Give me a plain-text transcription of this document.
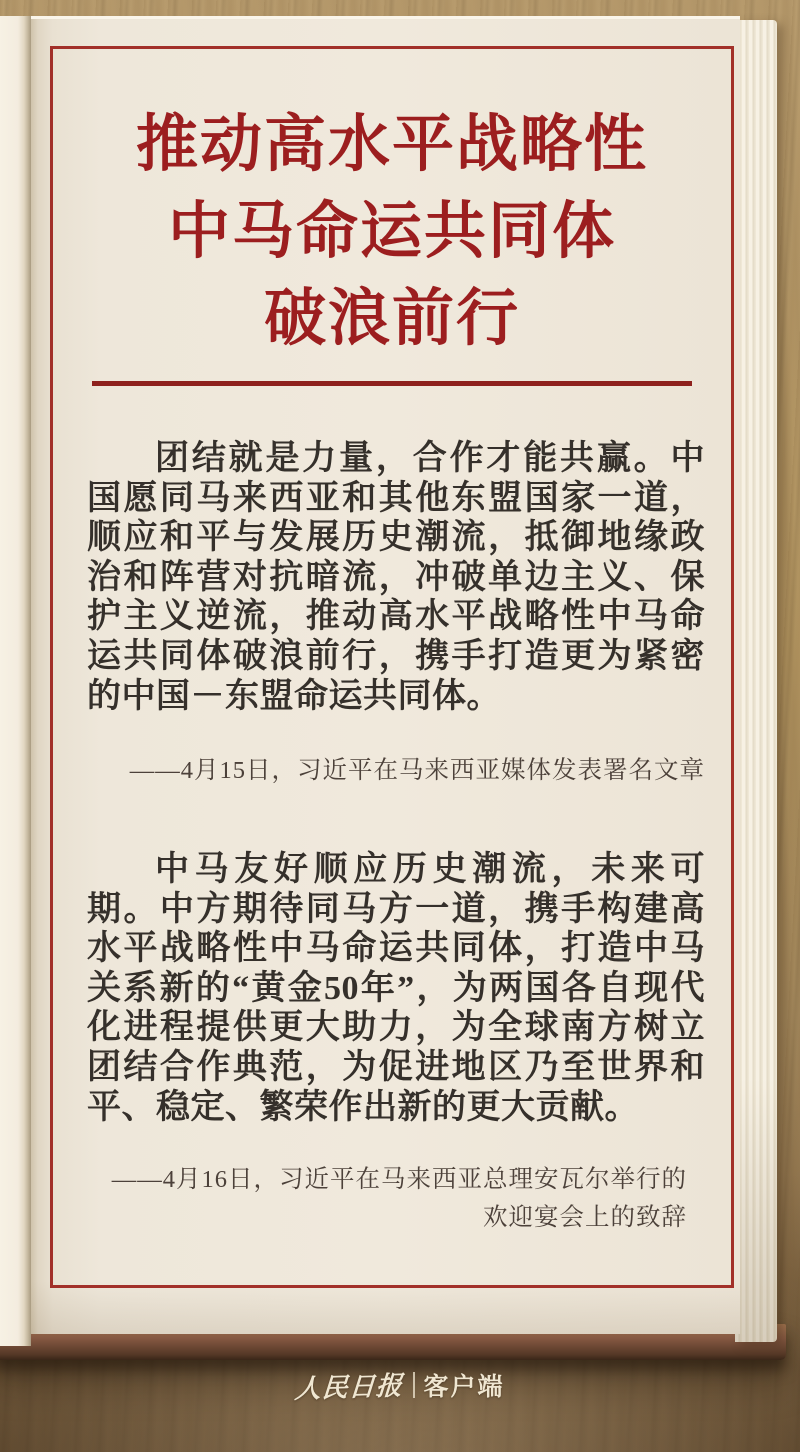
推动高水平战略性
中马命运共同体
破浪前行
团结就是力量，合作才能共赢。中国愿同马来西亚和其他东盟国家一道，顺应和平与发展历史潮流，抵御地缘政治和阵营对抗暗流，冲破单边主义、保护主义逆流，推动高水平战略性中马命运共同体破浪前行，携手打造更为紧密的中国－东盟命运共同体。
——4月15日，习近平在马来西亚媒体发表署名文章
中马友好顺应历史潮流，未来可期。中方期待同马方一道，携手构建高水平战略性中马命运共同体，打造中马关系新的“黄金50年”，为两国各自现代化进程提供更大助力，为全球南方树立团结合作典范，为促进地区乃至世界和平、稳定、繁荣作出新的更大贡献。
——4月16日，习近平在马来西亚总理安瓦尔举行的
欢迎宴会上的致辞
人民日报 客户端
